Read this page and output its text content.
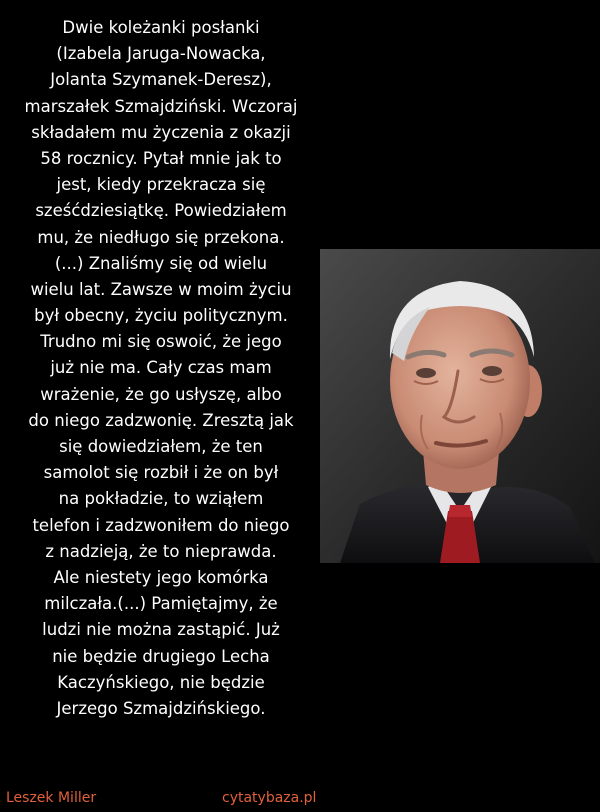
Dwie koleżanki posłanki
(Izabela Jaruga-Nowacka,
Jolanta Szymanek-Deresz),
marszałek Szmajdziński. Wczoraj
składałem mu życzenia z okazji
58 rocznicy. Pytał mnie jak to
jest, kiedy przekracza się
sześćdziesiątkę. Powiedziałem
mu, że niedługo się przekona.
(...) Znaliśmy się od wielu
wielu lat. Zawsze w moim życiu
był obecny, życiu politycznym.
Trudno mi się oswoić, że jego
już nie ma. Cały czas mam
wrażenie, że go usłyszę, albo
do niego zadzwonię. Zresztą jak
się dowiedziałem, że ten
samolot się rozbił i że on był
na pokładzie, to wziąłem
telefon i zadzwoniłem do niego
z nadzieją, że to nieprawda.
Ale niestety jego komórka
milczała.(...) Pamiętajmy, że
ludzi nie można zastąpić. Już
nie będzie drugiego Lecha
Kaczyńskiego, nie będzie
Jerzego Szmajdzińskiego.
Leszek Miller	cytatybaza.pl
